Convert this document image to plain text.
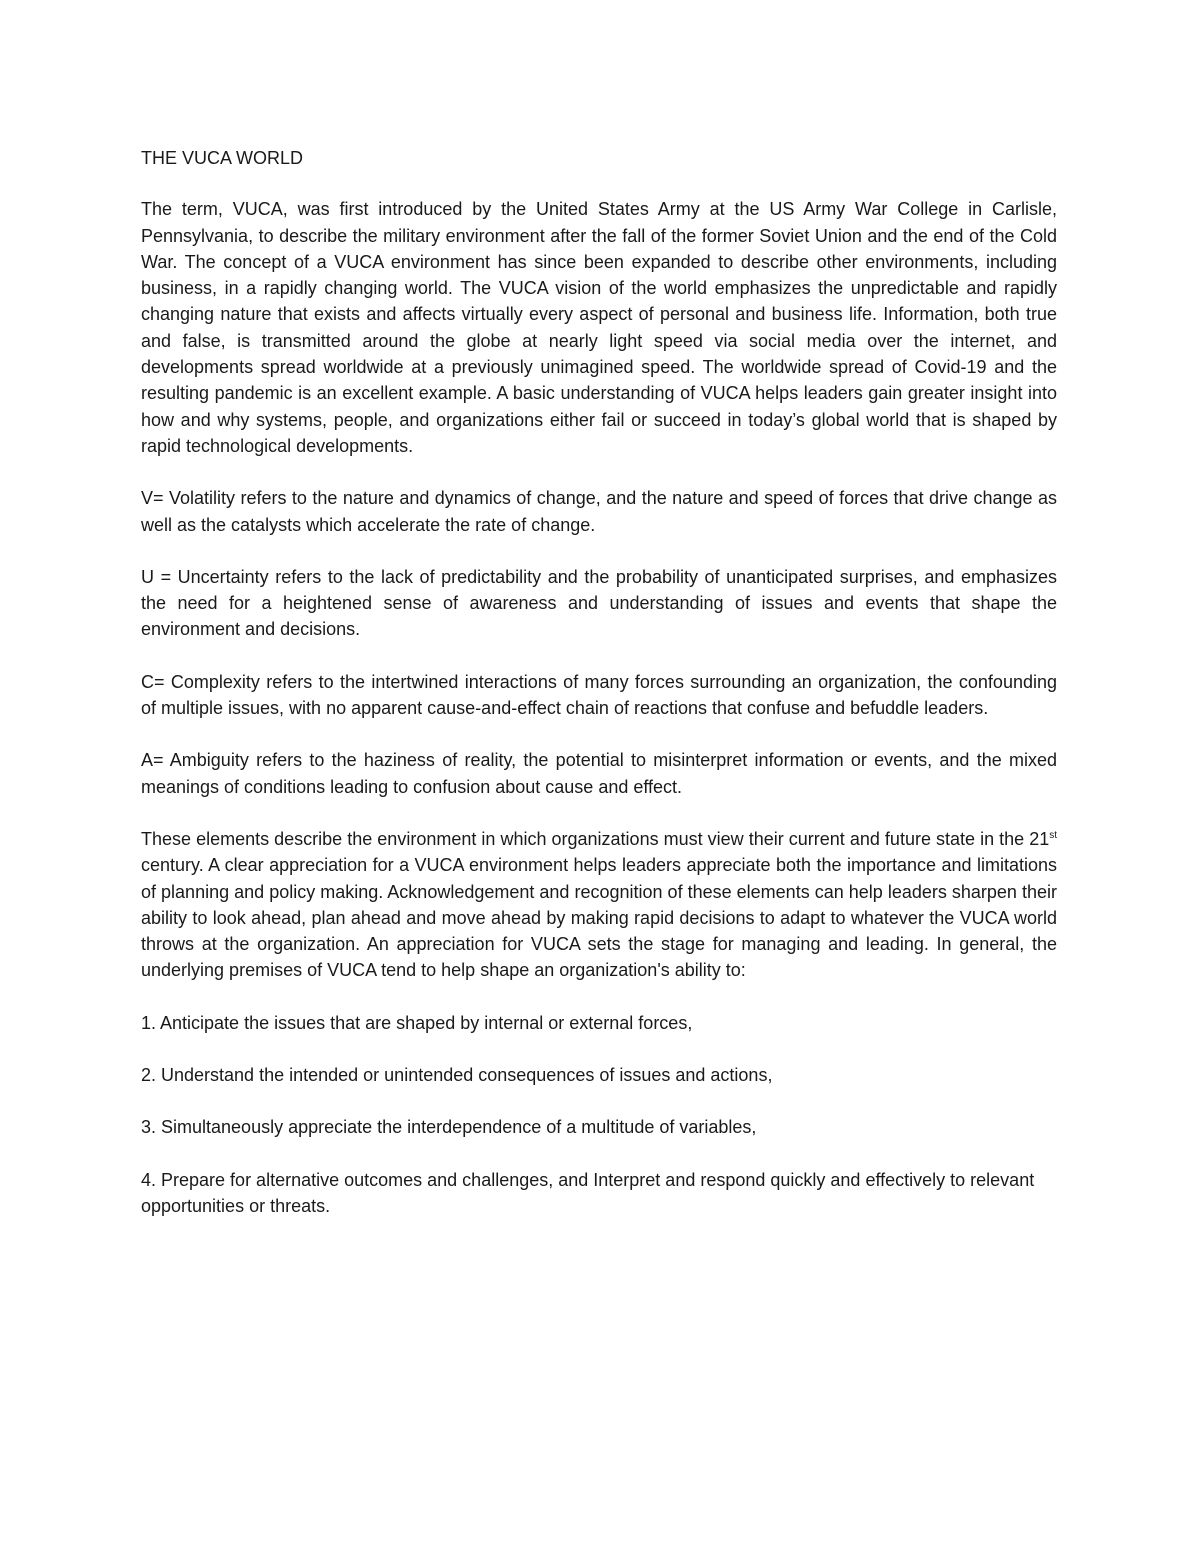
THE VUCA WORLD

The term, VUCA, was first introduced by the United States Army at the US Army War College in Carlisle, Pennsylvania, to describe the military environment after the fall of the former Soviet Union and the end of the Cold War. The concept of a VUCA environment has since been expanded to describe other environments, including business, in a rapidly changing world. The VUCA vision of the world emphasizes the unpredictable and rapidly changing nature that exists and affects virtually every aspect of personal and business life. Information, both true and false, is transmitted around the globe at nearly light speed via social media over the internet, and developments spread worldwide at a previously unimagined speed. The worldwide spread of Covid-19 and the resulting pandemic is an excellent example. A basic understanding of VUCA helps leaders gain greater insight into how and why systems, people, and organizations either fail or succeed in today’s global world that is shaped by rapid technological developments.

V= Volatility refers to the nature and dynamics of change, and the nature and speed of forces that drive change as well as the catalysts which accelerate the rate of change.

U = Uncertainty refers to the lack of predictability and the probability of unanticipated surprises, and emphasizes the need for a heightened sense of awareness and understanding of issues and events that shape the environment and decisions.

C= Complexity refers to the intertwined interactions of many forces surrounding an organization, the confounding of multiple issues, with no apparent cause-and-effect chain of reactions that confuse and befuddle leaders.

A= Ambiguity refers to the haziness of reality, the potential to misinterpret information or events, and the mixed meanings of conditions leading to confusion about cause and effect.

These elements describe the environment in which organizations must view their current and future state in the 21st century. A clear appreciation for a VUCA environment helps leaders appreciate both the importance and limitations of planning and policy making. Acknowledgement and recognition of these elements can help leaders sharpen their ability to look ahead, plan ahead and move ahead by making rapid decisions to adapt to whatever the VUCA world throws at the organization. An appreciation for VUCA sets the stage for managing and leading. In general, the underlying premises of VUCA tend to help shape an organization's ability to:

1. Anticipate the issues that are shaped by internal or external forces,

2. Understand the intended or unintended consequences of issues and actions,

3. Simultaneously appreciate the interdependence of a multitude of variables,

4. Prepare for alternative outcomes and challenges, and Interpret and respond quickly and effectively to relevant opportunities or threats.
